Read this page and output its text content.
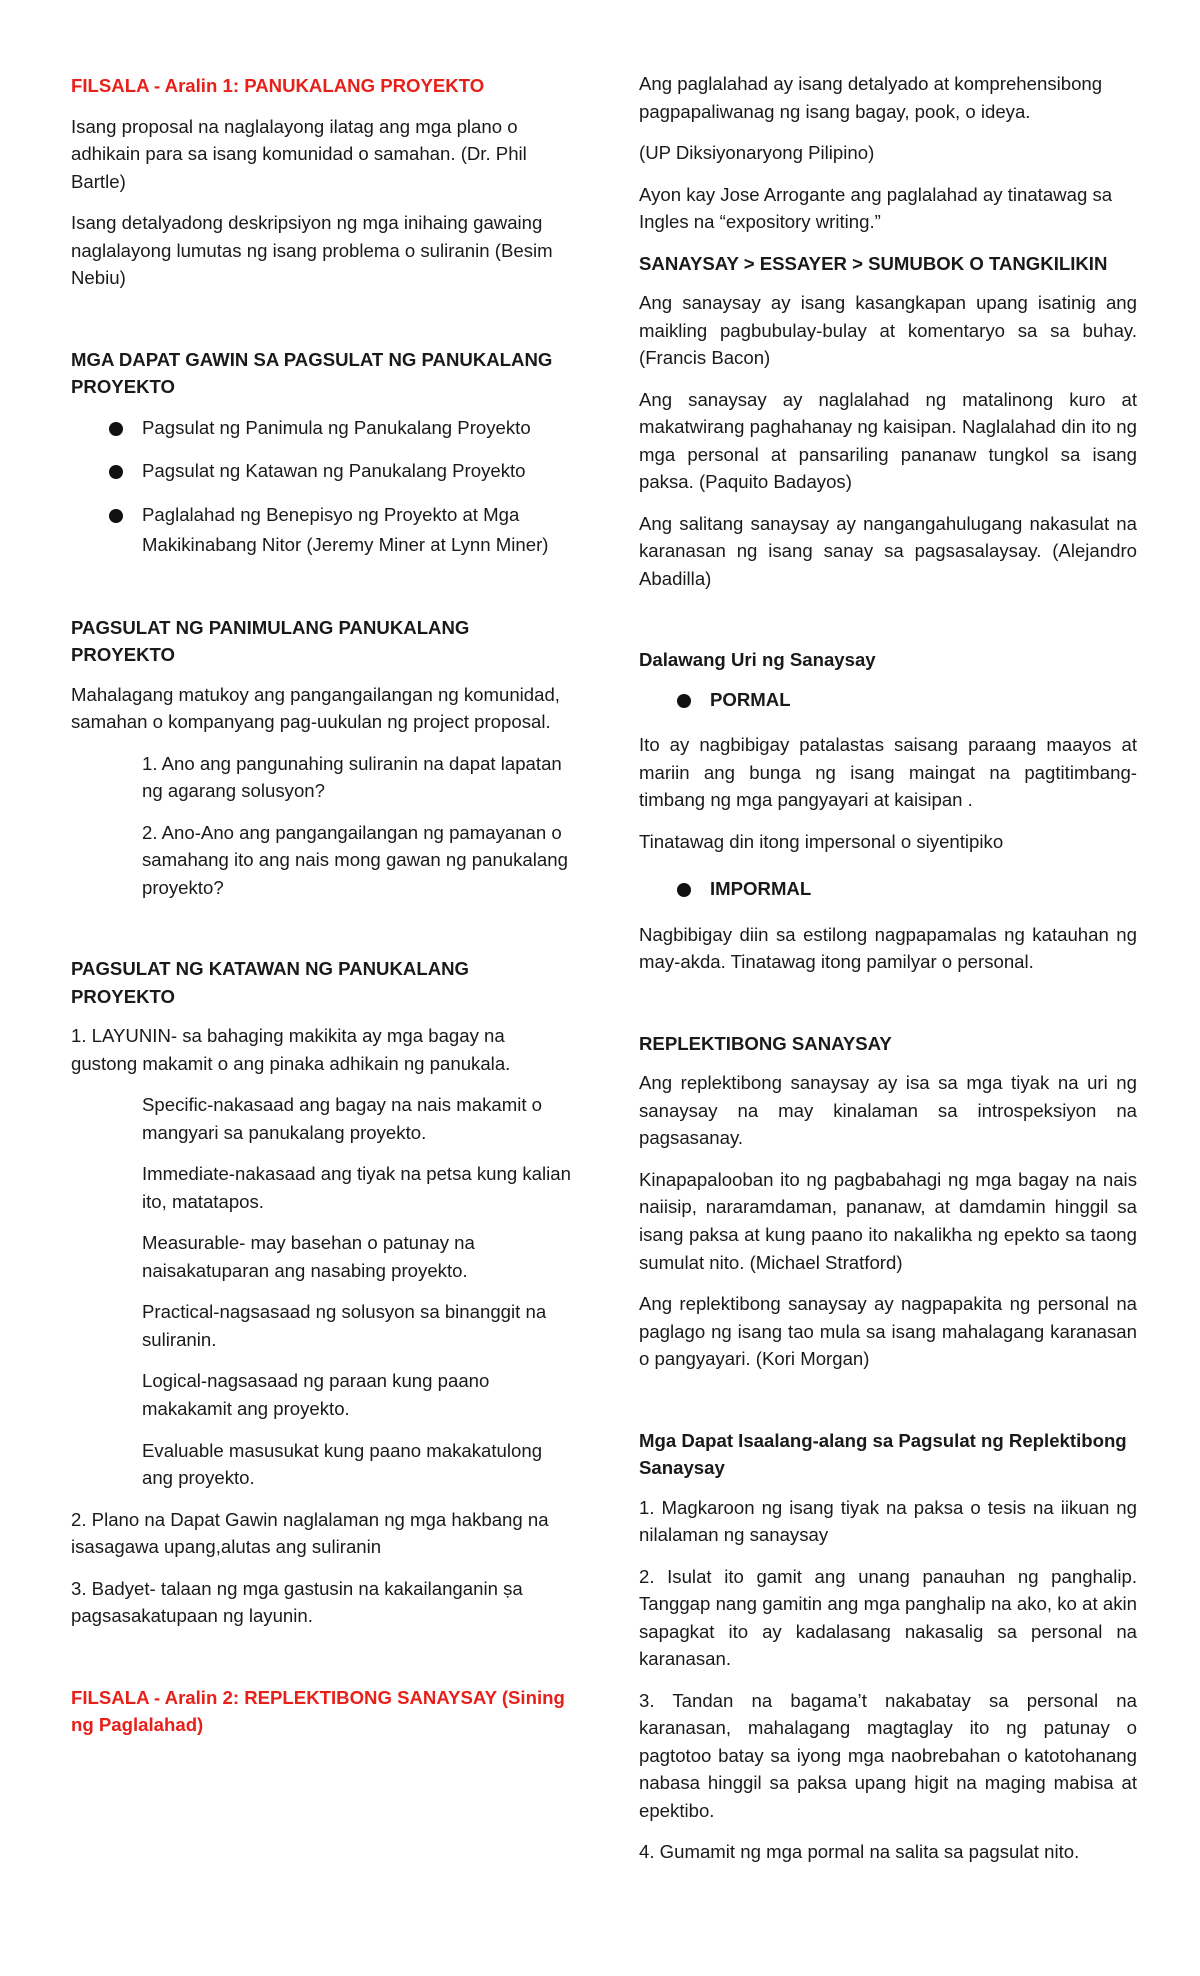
FILSALA - Aralin 1: PANUKALANG PROYEKTO

Isang proposal na naglalayong ilatag ang mga plano o adhikain para sa isang komunidad o samahan. (Dr. Phil Bartle)

Isang detalyadong deskripsiyon ng mga inihaing gawaing naglalayong lumutas ng isang problema o suliranin (Besim Nebiu)

MGA DAPAT GAWIN SA PAGSULAT NG PANUKALANG PROYEKTO

Pagsulat ng Panimula ng Panukalang Proyekto
Pagsulat ng Katawan ng Panukalang Proyekto
Paglalahad ng Benepisyo ng Proyekto at Mga Makikinabang Nitor (Jeremy Miner at Lynn Miner)

PAGSULAT NG PANIMULANG PANUKALANG PROYEKTO

Mahalagang matukoy ang pangangailangan ng komunidad, samahan o kompanyang pag-uukulan ng project proposal.

1. Ano ang pangunahing suliranin na dapat lapatan ng agarang solusyon?

2. Ano-Ano ang pangangailangan ng pamayanan o samahang ito ang nais mong gawan ng panukalang proyekto?

PAGSULAT NG KATAWAN NG PANUKALANG PROYEKTO

1. LAYUNIN- sa bahaging makikita ay mga bagay na gustong makamit o ang pinaka adhikain ng panukala.

Specific-nakasaad ang bagay na nais makamit o mangyari sa panukalang proyekto.

Immediate-nakasaad ang tiyak na petsa kung kalian ito, matatapos.

Measurable- may basehan o patunay na naisakatuparan ang nasabing proyekto.

Practical-nagsasaad ng solusyon sa binanggit na suliranin.

Logical-nagsasaad ng paraan kung paano makakamit ang proyekto.

Evaluable masusukat kung paano makakatulong ang proyekto.

2. Plano na Dapat Gawin naglalaman ng mga hakbang na isasagawa upang,alutas ang suliranin

3. Badyet- talaan ng mga gastusin na kakailanganin ṣa pagsasakatupaan ng layunin.

FILSALA - Aralin 2: REPLEKTIBONG SANAYSAY (Sining ng Paglalahad)

Ang paglalahad ay isang detalyado at komprehensibong pagpapaliwanag ng isang bagay, pook, o ideya.

(UP Diksiyonaryong Pilipino)

Ayon kay Jose Arrogante ang paglalahad ay tinatawag sa Ingles na “expository writing.”

SANAYSAY > ESSAYER > SUMUBOK O TANGKILIKIN

Ang sanaysay ay isang kasangkapan upang isatinig ang maikling pagbubulay-bulay at komentaryo sa sa buhay. (Francis Bacon)

Ang sanaysay ay naglalahad ng matalinong kuro at makatwirang paghahanay ng kaisipan. Naglalahad din ito ng mga personal at pansariling pananaw tungkol sa isang paksa. (Paquito Badayos)

Ang salitang sanaysay ay nangangahulugang nakasulat na karanasan ng isang sanay sa pagsasalaysay. (Alejandro Abadilla)

Dalawang Uri ng Sanaysay

PORMAL

Ito ay nagbibigay patalastas saisang paraang maayos at mariin ang bunga ng isang maingat na pagtitimbang-timbang ng mga pangyayari at kaisipan .

Tinatawag din itong impersonal o siyentipiko

IMPORMAL

Nagbibigay diin sa estilong nagpapamalas ng katauhan ng may-akda. Tinatawag itong pamilyar o personal.

REPLEKTIBONG SANAYSAY

Ang replektibong sanaysay ay isa sa mga tiyak na uri ng sanaysay na may kinalaman sa introspeksiyon na pagsasanay.

Kinapapalooban ito ng pagbabahagi ng mga bagay na nais naiisip, nararamdaman, pananaw, at damdamin hinggil sa isang paksa at kung paano ito nakalikha ng epekto sa taong sumulat nito. (Michael Stratford)

Ang replektibong sanaysay ay nagpapakita ng personal na paglago ng isang tao mula sa isang mahalagang karanasan o pangyayari. (Kori Morgan)

Mga Dapat Isaalang-alang sa Pagsulat ng Replektibong Sanaysay

1. Magkaroon ng isang tiyak na paksa o tesis na iikuan ng nilalaman ng sanaysay

2. Isulat ito gamit ang unang panauhan ng panghalip. Tanggap nang gamitin ang mga panghalip na ako, ko at akin sapagkat ito ay kadalasang nakasalig sa personal na karanasan.

3. Tandan na bagama’t nakabatay sa personal na karanasan, mahalagang magtaglay ito ng patunay o pagtotoo batay sa iyong mga naobrebahan o katotohanang nabasa hinggil sa paksa upang higit na maging mabisa at epektibo.

4. Gumamit ng mga pormal na salita sa pagsulat nito.
